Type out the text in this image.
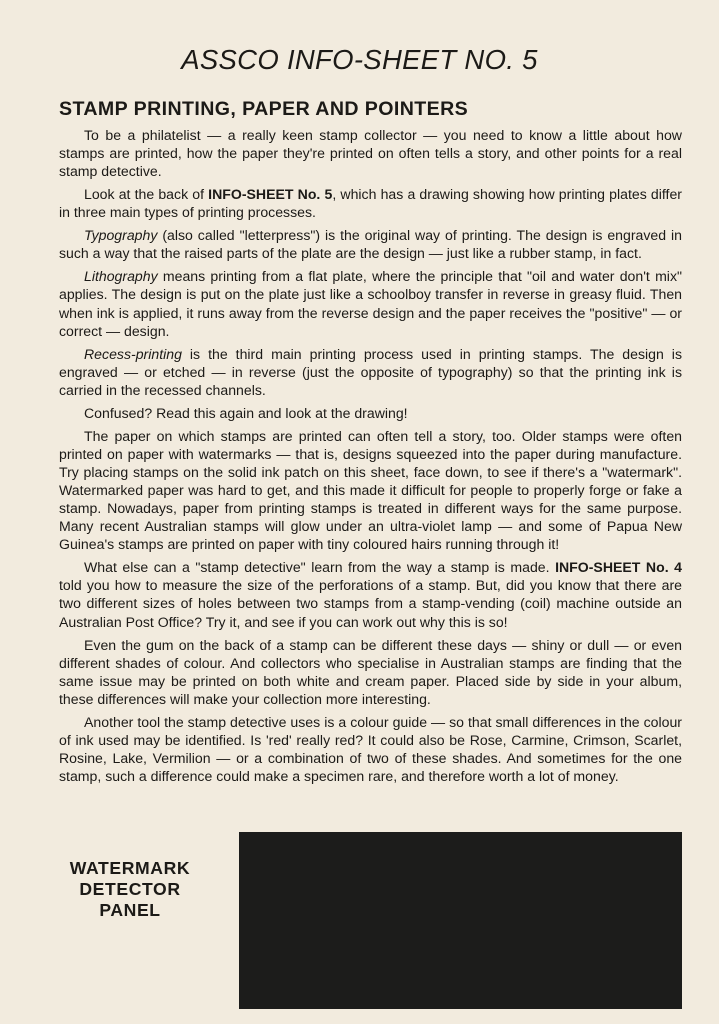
ASSCO INFO-SHEET NO. 5
STAMP PRINTING, PAPER AND POINTERS

To be a philatelist — a really keen stamp collector — you need to know a little about how stamps are printed, how the paper they're printed on often tells a story, and other points for a real stamp detective.

Look at the back of INFO-SHEET No. 5, which has a drawing showing how printing plates differ in three main types of printing processes.

Typography (also called "letterpress") is the original way of printing. The design is engraved in such a way that the raised parts of the plate are the design — just like a rubber stamp, in fact.

Lithography means printing from a flat plate, where the principle that "oil and water don't mix" applies. The design is put on the plate just like a schoolboy transfer in reverse in greasy fluid. Then when ink is applied, it runs away from the reverse design and the paper receives the "positive" — or correct — design.

Recess-printing is the third main printing process used in printing stamps. The design is engraved — or etched — in reverse (just the opposite of typography) so that the printing ink is carried in the recessed channels.

Confused? Read this again and look at the drawing!

The paper on which stamps are printed can often tell a story, too. Older stamps were often printed on paper with watermarks — that is, designs squeezed into the paper during manufacture. Try placing stamps on the solid ink patch on this sheet, face down, to see if there's a "watermark". Watermarked paper was hard to get, and this made it difficult for people to properly forge or fake a stamp. Nowadays, paper from printing stamps is treated in different ways for the same purpose. Many recent Australian stamps will glow under an ultra-violet lamp — and some of Papua New Guinea's stamps are printed on paper with tiny coloured hairs running through it!

What else can a "stamp detective" learn from the way a stamp is made. INFO-SHEET No. 4 told you how to measure the size of the perforations of a stamp. But, did you know that there are two different sizes of holes between two stamps from a stamp-vending (coil) machine outside an Australian Post Office? Try it, and see if you can work out why this is so!

Even the gum on the back of a stamp can be different these days — shiny or dull — or even different shades of colour. And collectors who specialise in Australian stamps are finding that the same issue may be printed on both white and cream paper. Placed side by side in your album, these differences will make your collection more interesting.

Another tool the stamp detective uses is a colour guide — so that small differences in the colour of ink used may be identified. Is 'red' really red? It could also be Rose, Carmine, Crimson, Scarlet, Rosine, Lake, Vermilion — or a combination of two of these shades. And sometimes for the one stamp, such a difference could make a specimen rare, and therefore worth a lot of money.

WATERMARK
DETECTOR
PANEL
